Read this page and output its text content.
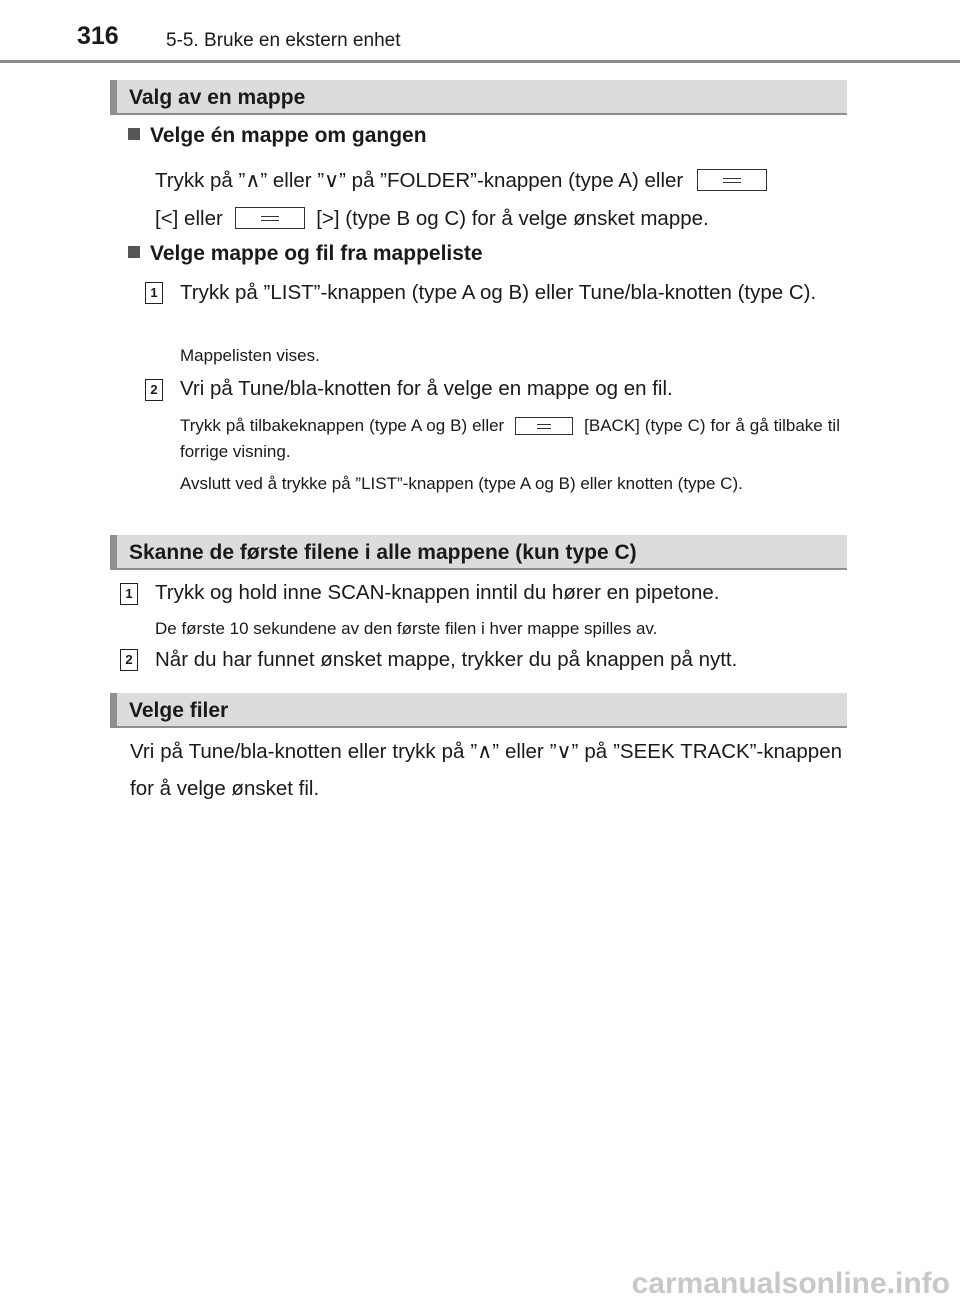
316 5-5. Bruke en ekstern enhet
Valg av en mappe
Velge én mappe om gangen
Trykk på ”∧” eller ”∨” på ”FOLDER”-knappen (type A) eller
[<] eller	[>] (type B og C) for å velge ønsket mappe.
Velge mappe og fil fra mappeliste
1 Trykk på ”LIST”-knappen (type A og B) eller Tune/bla-knotten (type C).
Mappelisten vises.
2 Vri på Tune/bla-knotten for å velge en mappe og en fil.
Trykk på tilbakeknappen (type A og B) eller	[BACK] (type C) for å gå tilbake til forrige visning.
Avslutt ved å trykke på ”LIST”-knappen (type A og B) eller knotten (type C).
Skanne de første filene i alle mappene (kun type C)
1 Trykk og hold inne SCAN-knappen inntil du hører en pipetone.
De første 10 sekundene av den første filen i hver mappe spilles av.
2 Når du har funnet ønsket mappe, trykker du på knappen på nytt.
Velge filer
Vri på Tune/bla-knotten eller trykk på ”∧” eller ”∨” på ”SEEK TRACK”-knappen for å velge ønsket fil.
carmanualsonline.info
